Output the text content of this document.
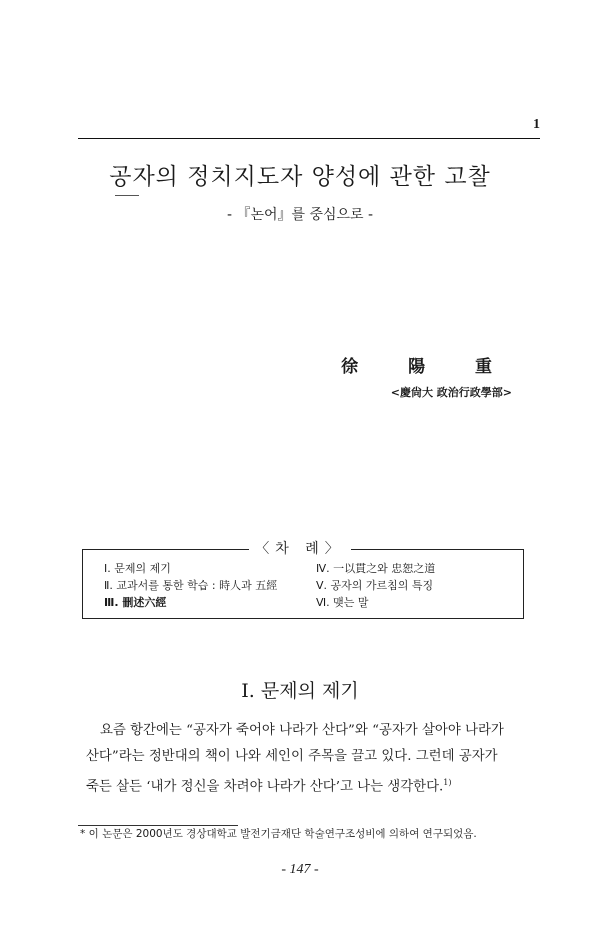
1
공자의 정치지도자 양성에 관한 고찰
- 『논어』를 중심으로 -
徐 陽 重
<慶尙大 政治行政學部>
〈차 례〉
Ⅰ. 문제의 제기
Ⅱ. 교과서를 통한 학습 : 時人과 五經
Ⅲ. 刪述六經
Ⅳ. 一以貫之와 忠恕之道
Ⅴ. 공자의 가르침의 특징
Ⅵ. 맺는 말
Ⅰ. 문제의 제기
요즘 항간에는 “공자가 죽어야 나라가 산다”와 “공자가 살아야 나라가
산다”라는 정반대의 책이 나와 세인이 주목을 끌고 있다. 그런데 공자가
죽든 살든 ‘내가 정신을 차려야 나라가 산다’고 나는 생각한다.$^{1)}$
* 이 논문은 2000년도 경상대학교 발전기금재단 학술연구조성비에 의하여 연구되었음.
- 147 -
